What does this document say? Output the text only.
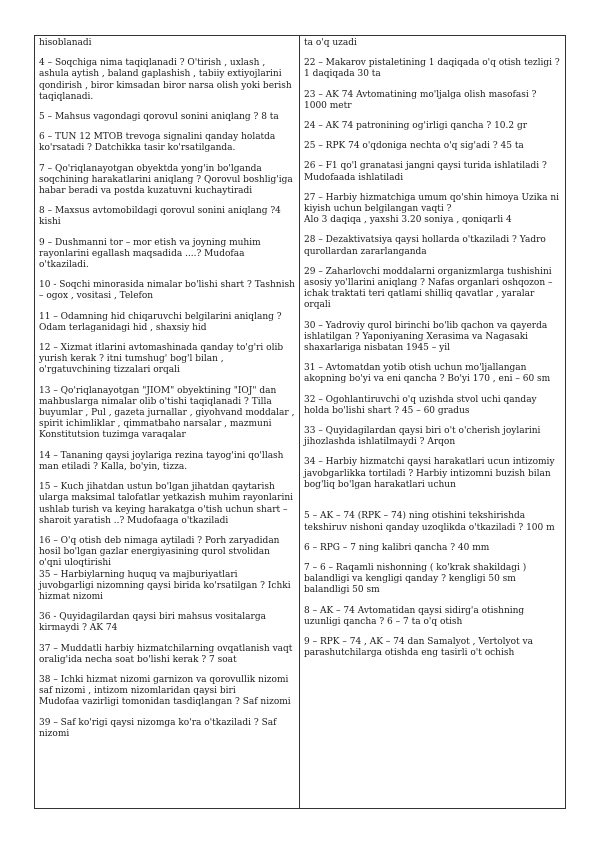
hisoblanadi
4 – Soqchiga nima taqiqlanadi ? O'tirish , uxlash , ashula aytish , baland gaplashish , tabiiy extiyojlarini qondirish , biror kimsadan biror narsa olish yoki berish taqiqlanadi.
5 – Mahsus vagondagi qorovul sonini aniqlang ? 8 ta
6 – TUN 12 MTOB trevoga signalini qanday holatda ko'rsatadi ? Datchikka tasir ko'rsatilganda.
7 – Qo'riqlanayotgan obyektda yong'in bo'lganda soqchining harakatlarini aniqlang ? Qorovul boshlig'iga habar beradi va postda kuzatuvni kuchaytiradi
8 – Maxsus avtomobildagi qorovul sonini aniqlang ?4 kishi
9 – Dushmanni tor – mor etish va joyning muhim rayonlarini egallash maqsadida ....? Mudofaa o'tkaziladi.
10 - Soqchi minorasida nimalar bo'lishi shart ? Tashnish – ogox , vositasi , Telefon
11 – Odamning hid chiqaruvchi belgilarini aniqlang ? Odam terlaganidagi hid , shaxsiy hid
12 – Xizmat itlarini avtomashinada qanday to'g'ri olib yurish kerak ? itni tumshug' bog'l bilan , o'rgatuvchining tizzalari orqali
13 – Qo'riqlanayotgan "JIOM" obyektining "IOJ" dan mahbuslarga nimalar olib o'tishi taqiqlanadi ? Tilla buyumlar , Pul , gazeta jurnallar , giyohvand moddalar , spirit ichimliklar , qimmatbaho narsalar , mazmuni Konstitutsion tuzimga varaqalar
14 – Tananing qaysi joylariga rezina tayog'ini qo'llash man etiladi ? Kalla, bo'yin, tizza.
15 – Kuch jihatdan ustun bo'lgan jihatdan qaytarish ularga maksimal talofatlar yetkazish muhim rayonlarini ushlab turish va keying harakatga o'tish uchun shart – sharoit yaratish ..? Mudofaaga o'tkaziladi
16 – O'q otish deb nimaga aytiladi ? Porh zaryadidan hosil bo'lgan gazlar energiyasining qurol stvolidan o'qni uloqtirishi
35 – Harbiylarning huquq va majburiyatlari juvobgarligi nizomning qaysi birida ko'rsatilgan ? Ichki hizmat nizomi
36 - Quyidagilardan qaysi biri mahsus vositalarga kirmaydi ? AK 74
37 – Muddatli harbiy hizmatchilarning ovqatlanish vaqt oralig'ida necha soat bo'lishi kerak ? 7 soat
38 – Ichki hizmat nizomi garnizon va qorovullik nizomi saf nizomi , intizom nizomlaridan qaysi biri
Mudofaa vazirligi tomonidan tasdiqlangan ? Saf nizomi
39 – Saf ko'rigi qaysi nizomga ko'ra o'tkaziladi ? Saf nizomi
ta o'q uzadi
22 – Makarov pistaletining 1 daqiqada o'q otish tezligi ? 1 daqiqada 30 ta
23 – AK 74 Avtomatining mo'ljalga olish masofasi ? 1000 metr
24 – AK 74 patronining og'irligi qancha ? 10.2 gr
25 – RPK 74 o'qdoniga nechta o'q sig'adi ? 45 ta
26 – F1 qo'l granatasi jangni qaysi turida ishlatiladi ? Mudofaada ishlatiladi
27 – Harbiy hizmatchiga umum qo'shin himoya Uzika ni kiyish uchun belgilangan vaqti ?
Alo 3 daqiqa , yaxshi 3.20 soniya , qoniqarli 4
28 – Dezaktivatsiya qaysi hollarda o'tkaziladi ? Yadro qurollardan zararlanganda
29 – Zaharlovchi moddalarni organizmlarga tushishini asosiy yo'llarini aniqlang ? Nafas organlari oshqozon – ichak traktati teri qatlami shilliq qavatlar , yaralar orqali
30 – Yadroviy qurol birinchi bo'lib qachon va qayerda ishlatilgan ? Yaponiyaning Xerasima va Nagasaki shaxarlariga nisbatan 1945 – yil
31 – Avtomatdan yotib otish uchun mo'ljallangan akopning bo'yi va eni qancha ? Bo'yi 170 , eni – 60 sm
32 – Ogohlantiruvchi o'q uzishda stvol uchi qanday holda bo'lishi shart ? 45 – 60 gradus
33 – Quyidagilardan qaysi biri o't o'cherish joylarini jihozlashda ishlatilmaydi ? Arqon
34 – Harbiy hizmatchi qaysi harakatlari ucun intizomiy javobgarlikka tortiladi ? Harbiy intizomni buzish bilan bog'liq bo'lgan harakatlari uchun

5 – AK – 74 (RPK – 74) ning otishini tekshirishda tekshiruv nishoni qanday uzoqlikda o'tkaziladi ? 100 m
6 – RPG – 7 ning kalibri qancha ? 40 mm
7 – 6 – Raqamli nishonning ( ko'krak shakildagi ) balandligi va kengligi qanday ? kengligi 50 sm balandligi 50 sm
8 – AK – 74 Avtomatidan qaysi sidirg'a otishning uzunligi qancha ? 6 – 7 ta o'q otish
9 – RPK – 74 , AK – 74 dan Samalyot , Vertolyot va parashutchilarga otishda eng tasirli o't ochish
